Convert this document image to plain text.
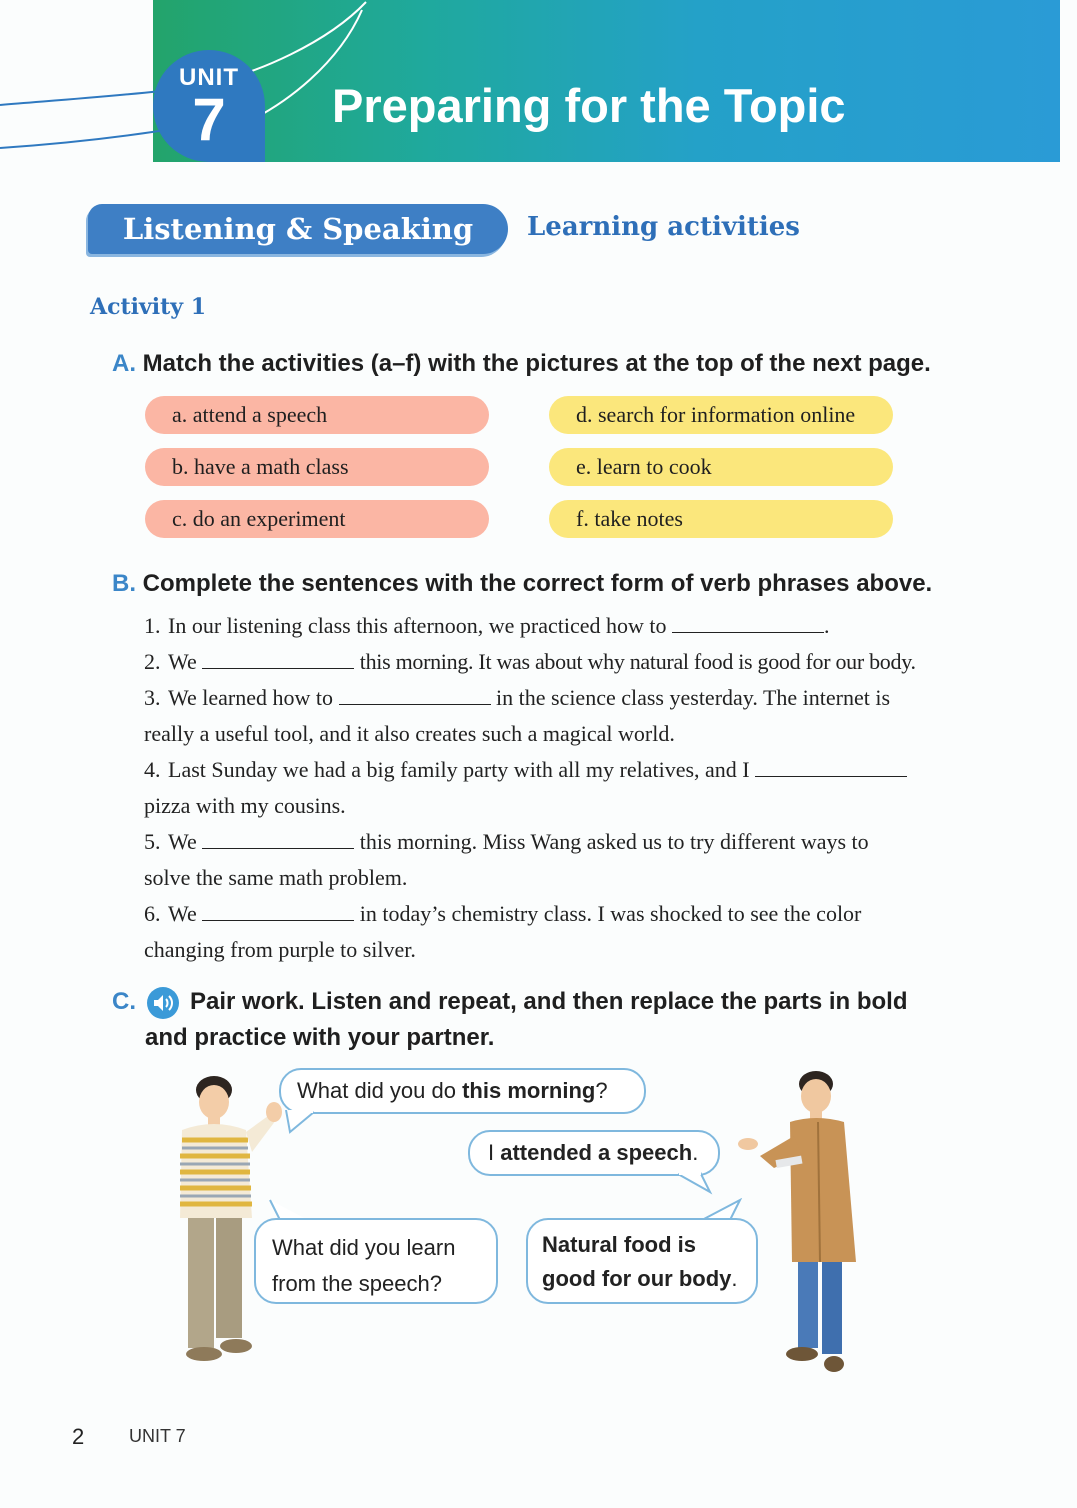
UNIT
7	Preparing for the Topic
Listening & Speaking	Learning activities
Activity 1
A. Match the activities (a–f) with the pictures at the top of the next page.
a. attend a speech
b. have a math class
c. do an experiment
d. search for information online
e. learn to cook
f. take notes
B. Complete the sentences with the correct form of verb phrases above.
1. In our listening class this afternoon, we practiced how to	.
2. We	this morning. It was about why natural food is good for our body.
3. We learned how to	in the science class yesterday. The internet is
really a useful tool, and it also creates such a magical world.
4. Last Sunday we had a big family party with all my relatives, and I
pizza with my cousins.
5. We	this morning. Miss Wang asked us to try different ways to
solve the same math problem.
6. We	in today’s chemistry class. I was shocked to see the color
changing from purple to silver.
C. Pair work. Listen and repeat, and then replace the parts in bold
and practice with your partner.
What did you do this morning?
I attended a speech.
What did you learn
from the speech?
Natural food is
good for our body.
2 UNIT 7
